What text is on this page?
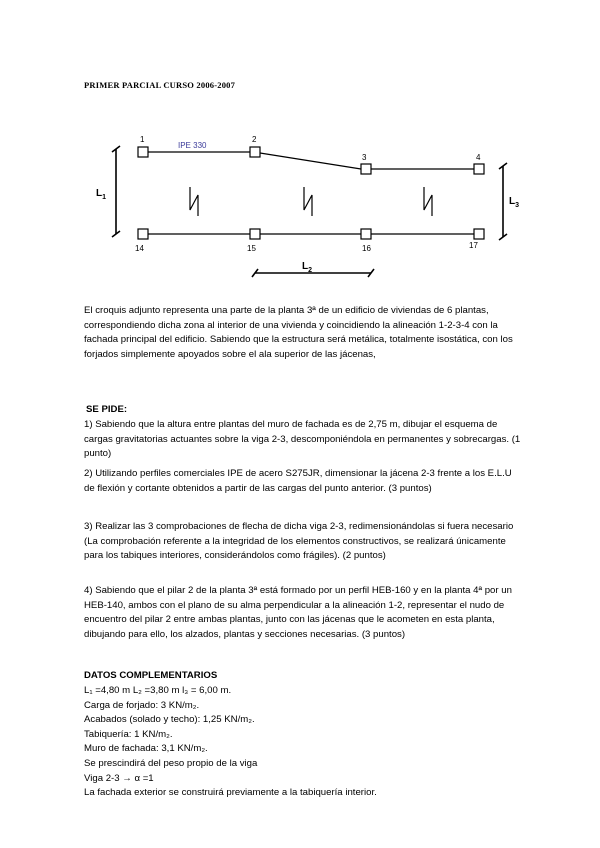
PRIMER PARCIAL CURSO 2006-2007
IPE 330
1	2
3	4
14	15	16	17
$L_1$
$L_2$
$L_3$
El croquis adjunto representa una parte de la planta 3ª de un edificio de viviendas de 6 plantas, correspondiendo dicha zona al interior de una vivienda y coincidiendo la alineación 1-2-3-4 con la fachada principal del edificio. Sabiendo que la estructura será metálica, totalmente isostática, con los forjados simplemente apoyados sobre el ala superior de las jácenas,
SE PIDE:
1) Sabiendo que la altura entre plantas del muro de fachada es de 2,75 m, dibujar el esquema de cargas gravitatorias actuantes sobre la viga 2-3, descomponiéndola en permanentes y sobrecargas. (1 punto)
2) Utilizando perfiles comerciales IPE de acero S275JR, dimensionar la jácena 2-3 frente a los E.L.U de flexión y cortante obtenidos a partir de las cargas del punto anterior. (3 puntos)
3) Realizar las 3 comprobaciones de flecha de dicha viga 2-3, redimensionándolas si fuera necesario (La comprobación referente a la integridad de los elementos constructivos, se realizará únicamente para los tabiques interiores, considerándolos como frágiles). (2 puntos)
4) Sabiendo que el pilar 2 de la planta 3ª está formado por un perfil HEB-160 y en la planta 4ª por un HEB-140, ambos con el plano de su alma perpendicular a la alineación 1-2, representar el nudo de encuentro del pilar 2 entre ambas plantas, junto con las jácenas que le acometen en esta planta, dibujando para ello, los alzados, plantas y secciones necesarias. (3 puntos)
DATOS COMPLEMENTARIOS
L₁ =4,80 m L₂ =3,80 m l₃ = 6,00 m.
Carga de forjado: 3 KN/m₂.
Acabados (solado y techo): 1,25 KN/m₂.
Tabiquería: 1 KN/m₂.
Muro de fachada: 3,1 KN/m₂.
Se prescindirá del peso propio de la viga
Viga 2-3 → α =1
La fachada exterior se construirá previamente a la tabiquería interior.
